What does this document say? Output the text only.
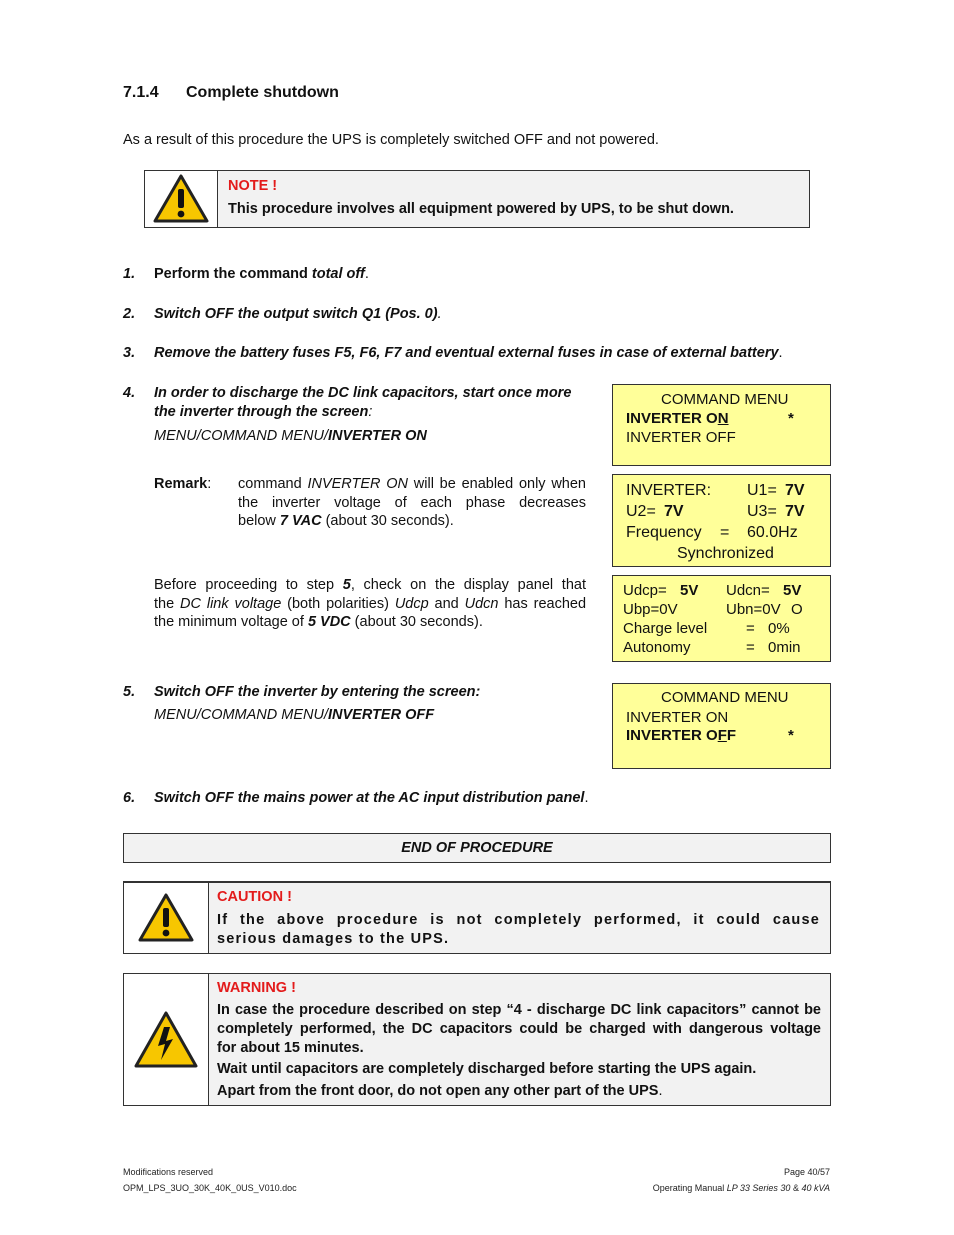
7.1.4 Complete shutdown
As a result of this procedure the UPS is completely switched OFF and not powered.
NOTE !
This procedure involves all equipment powered by UPS, to be shut down.
1. Perform the command total off.
2. Switch OFF the output switch Q1 (Pos. 0).
3. Remove the battery fuses F5, F6, F7 and eventual external fuses in case of external battery.
4. In order to discharge the DC link capacitors, start once more
the inverter through the screen:
MENU/COMMAND MENU/INVERTER ON
Remark: command INVERTER ON will be enabled only when
the inverter voltage of each phase decreases
below 7 VAC (about 30 seconds).
Before proceeding to step 5, check on the display panel that
the DC link voltage (both polarities) Udcp and Udcn has reached
the minimum voltage of 5 VDC (about 30 seconds).
5. Switch OFF the inverter by entering the screen:
MENU/COMMAND MENU/INVERTER OFF
6. Switch OFF the mains power at the AC input distribution panel.
COMMAND MENU
INVERTER ON	*
INVERTER OFF
INVERTER: U1= 7V
U2= 7V	U3= 7V
Frequency = 60.0Hz
Synchronized
Udcp= 5V Udcn= 5V
Ubp=0V	Ubn=0V O
Charge level	= 0%
Autonomy	= 0min
COMMAND MENU
INVERTER ON
INVERTER OFF	*
END OF PROCEDURE
CAUTION !
If the above procedure is not completely performed, it could cause
serious damages to the UPS.
WARNING !
In case the procedure described on step “4 - discharge DC link capacitors” cannot be
completely performed, the DC capacitors could be charged with dangerous voltage
for about 15 minutes.
Wait until capacitors are completely discharged before starting the UPS again.
Apart from the front door, do not open any other part of the UPS.
Modifications reserved
OPM_LPS_3UO_30K_40K_0US_V010.doc
Page 40/57
Operating Manual LP 33 Series 30 & 40 kVA
